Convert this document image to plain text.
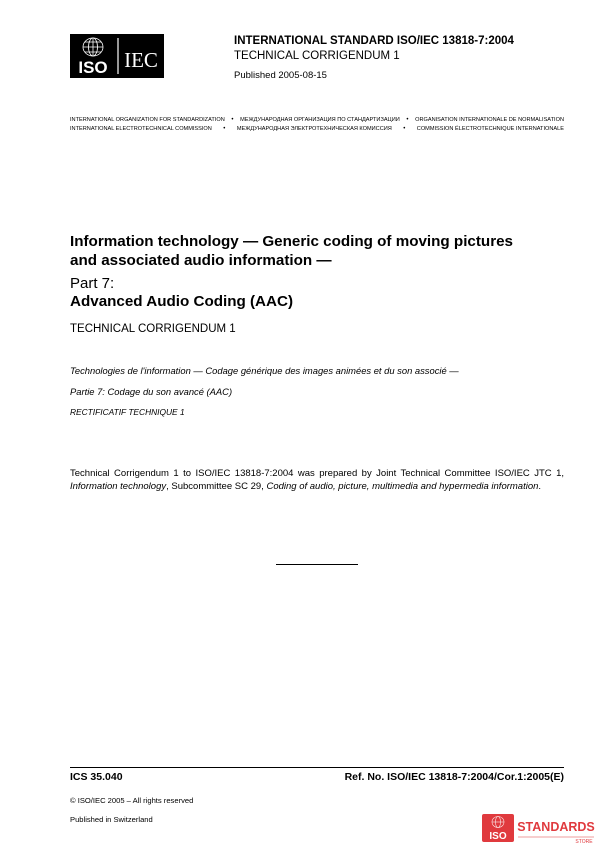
ISO IEC
INTERNATIONAL STANDARD ISO/IEC 13818-7:2004
TECHNICAL CORRIGENDUM 1
Published 2005-08-15
INTERNATIONAL ORGANIZATION FOR STANDARDIZATION • МЕЖДУНАРОДНАЯ ОРГАНИЗАЦИЯ ПО СТАНДАРТИЗАЦИИ • ORGANISATION INTERNATIONALE DE NORMALISATION
INTERNATIONAL ELECTROTECHNICAL COMMISSION • МЕЖДУНАРОДНАЯ ЭЛЕКТРОТЕХНИЧЕСКАЯ КОМИССИЯ • COMMISSION ÉLECTROTECHNIQUE INTERNATIONALE
Information technology — Generic coding of moving pictures
and associated audio information —
Part 7:
Advanced Audio Coding (AAC)
TECHNICAL CORRIGENDUM 1
Technologies de l'information — Codage générique des images animées et du son associé —
Partie 7: Codage du son avancé (AAC)
RECTIFICATIF TECHNIQUE 1
Technical Corrigendum 1 to ISO/IEC 13818-7:2004 was prepared by Joint Technical Committee ISO/IEC JTC 1, Information technology, Subcommittee SC 29, Coding of audio, picture, multimedia and hypermedia information.
ICS 35.040	Ref. No. ISO/IEC 13818-7:2004/Cor.1:2005(E)
© ISO/IEC 2005 – All rights reserved
Published in Switzerland
ISO
STANDARDS
STORE
